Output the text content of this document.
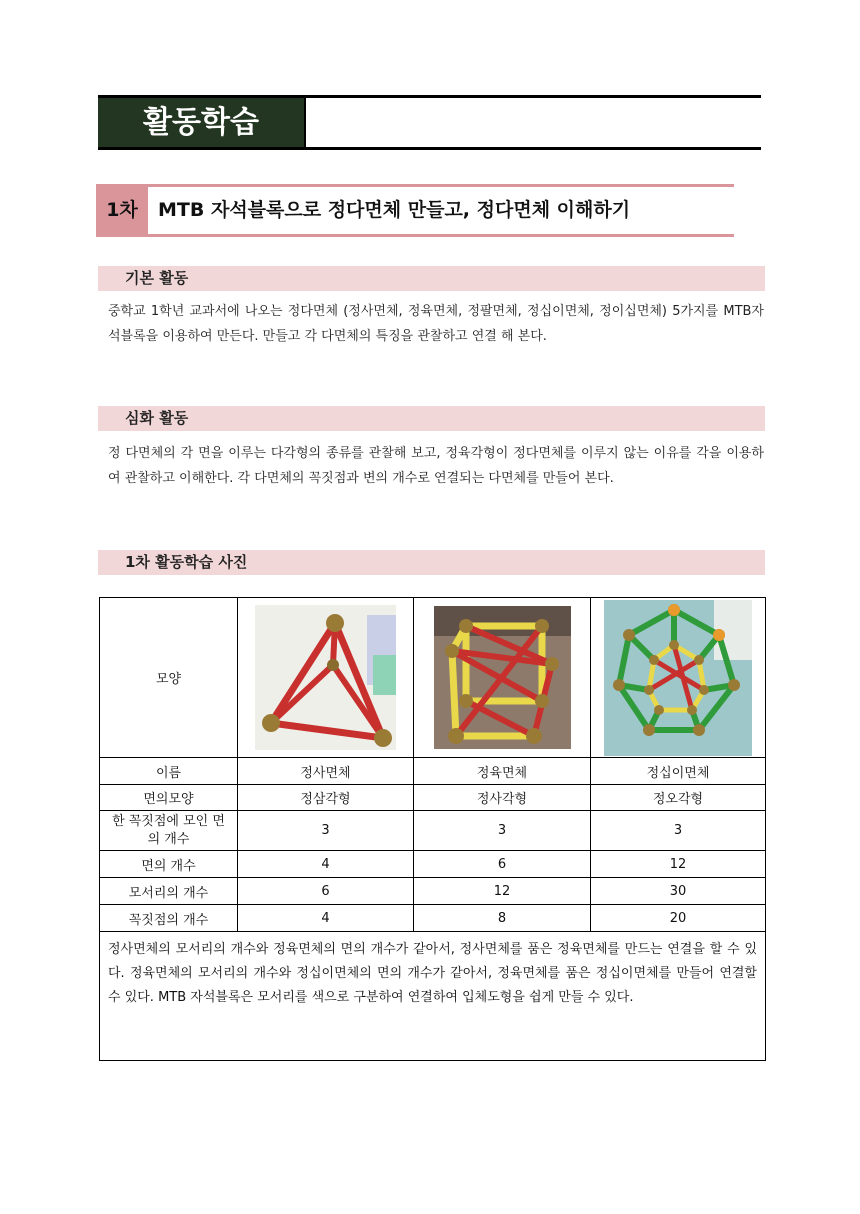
활동학습
1차	MTB 자석블록으로 정다면체 만들고, 정다면체 이해하기
기본 활동
중학교 1학년 교과서에 나오는 정다면체 (정사면체, 정육면체, 정팔면체, 정십이면체, 정이십면체) 5가지를 MTB자석블록을 이용하여 만든다. 만들고 각 다면체의 특징을 관찰하고 연결 해 본다.
심화 활동
정 다면체의 각 면을 이루는 다각형의 종류를 관찰해 보고, 정육각형이 정다면체를 이루지 않는 이유를 각을 이용하여 관찰하고 이해한다. 각 다면체의 꼭짓점과 변의 개수로 연결되는 다면체를 만들어 본다.
1차 활동학습 사진
모양	

이름	정사면체	정육면체	정십이면체
면의모양	정삼각형	정사각형	정오각형
한 꼭짓점에 모인 면의 개수	3	3	3
면의 개수	4	6	12
모서리의 개수	6	12	30
꼭짓점의 개수	4	8	20
정사면체의 모서리의 개수와 정육면체의 면의 개수가 같아서, 정사면체를 품은 정육면체를 만드는 연결을 할 수 있다. 정육면체의 모서리의 개수와 정십이면체의 면의 개수가 같아서, 정육면체를 품은 정십이면체를 만들어 연결할 수 있다. MTB 자석블록은 모서리를 색으로 구분하여 연결하여 입체도형을 쉽게 만들 수 있다.			
